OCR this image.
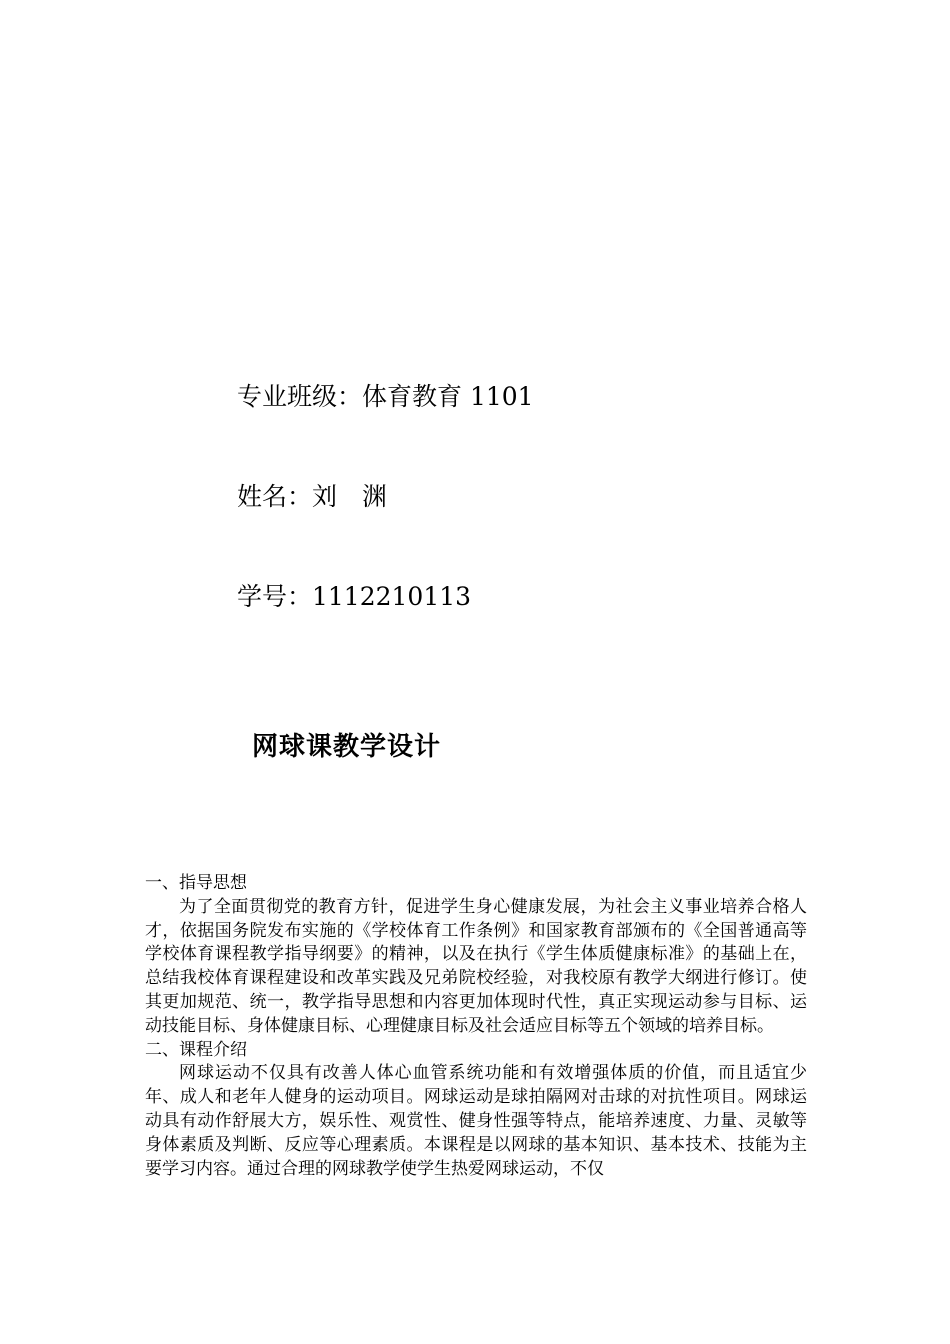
专业班级：体育教育 1101
姓名：刘　渊
学号：1112210113
网球课教学设计

一、指导思想

为了全面贯彻党的教育方针，促进学生身心健康发展，为社会主义事业培养合格人才，依据国务院发布实施的《学校体育工作条例》和国家教育部颁布的《全国普通高等学校体育课程教学指导纲要》的精神，以及在执行《学生体质健康标准》的基础上在，总结我校体育课程建设和改革实践及兄弟院校经验，对我校原有教学大纲进行修订。使其更加规范、统一，教学指导思想和内容更加体现时代性，真正实现运动参与目标、运动技能目标、身体健康目标、心理健康目标及社会适应目标等五个领域的培养目标。

二、课程介绍

网球运动不仅具有改善人体心血管系统功能和有效增强体质的价值，而且适宜少年、成人和老年人健身的运动项目。网球运动是球拍隔网对击球的对抗性项目。网球运动具有动作舒展大方，娱乐性、观赏性、健身性强等特点，能培养速度、力量、灵敏等身体素质及判断、反应等心理素质。本课程是以网球的基本知识、基本技术、技能为主要学习内容。通过合理的网球教学使学生热爱网球运动，不仅
